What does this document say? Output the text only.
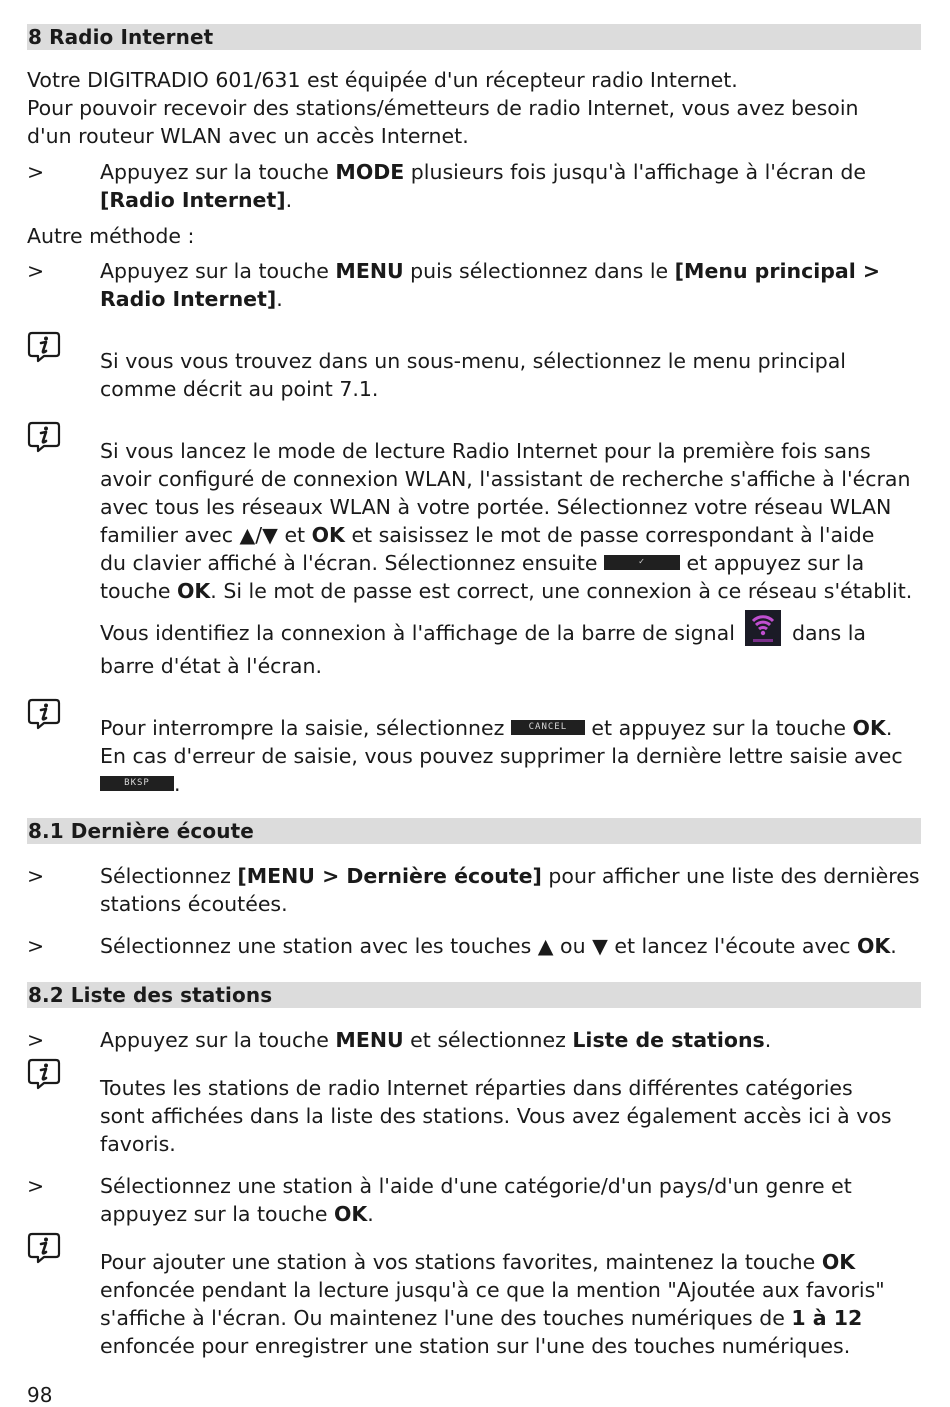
8 Radio Internet
Votre DIGITRADIO 601/631 est équipée d'un récepteur radio Internet.
Pour pouvoir recevoir des stations/émetteurs de radio Internet, vous avez besoin
d'un routeur WLAN avec un accès Internet.
>	Appuyez sur la touche MODE plusieurs fois jusqu'à l'affichage à l'écran de
[Radio Internet].
Autre méthode :
>	Appuyez sur la touche MENU puis sélectionnez dans le [Menu principal >
Radio Internet].
Si vous vous trouvez dans un sous-menu, sélectionnez le menu principal
comme décrit au point 7.1.
Si vous lancez le mode de lecture Radio Internet pour la première fois sans
avoir configuré de connexion WLAN, l'assistant de recherche s'affiche à l'écran
avec tous les réseaux WLAN à votre portée. Sélectionnez votre réseau WLAN
familier avec ▲/▼ et OK et saisissez le mot de passe correspondant à l'aide
du clavier affiché à l'écran. Sélectionnez ensuite	✓ et appuyez sur la
touche OK. Si le mot de passe est correct, une connexion à ce réseau s'établit.
Vous identifiez la connexion à l'affichage de la barre de signal  dans la
barre d'état à l'écran.
Pour interrompre la saisie, sélectionnez CANCEL et appuyez sur la touche OK.
En cas d'erreur de saisie, vous pouvez supprimer la dernière lettre saisie avec
BKSP .
8.1 Dernière écoute
>	Sélectionnez [MENU > Dernière écoute] pour afficher une liste des dernières
stations écoutées.
>	Sélectionnez une station avec les touches ▲ ou ▼ et lancez l'écoute avec OK.
8.2 Liste des stations
>	Appuyez sur la touche MENU et sélectionnez Liste de stations.
Toutes les stations de radio Internet réparties dans différentes catégories
sont affichées dans la liste des stations. Vous avez également accès ici à vos
favoris.
>	Sélectionnez une station à l'aide d'une catégorie/d'un pays/d'un genre et
appuyez sur la touche OK.
Pour ajouter une station à vos stations favorites, maintenez la touche OK
enfoncée pendant la lecture jusqu'à ce que la mention "Ajoutée aux favoris"
s'affiche à l'écran. Ou maintenez l'une des touches numériques de 1 à 12
enfoncée pour enregistrer une station sur l'une des touches numériques.
98
